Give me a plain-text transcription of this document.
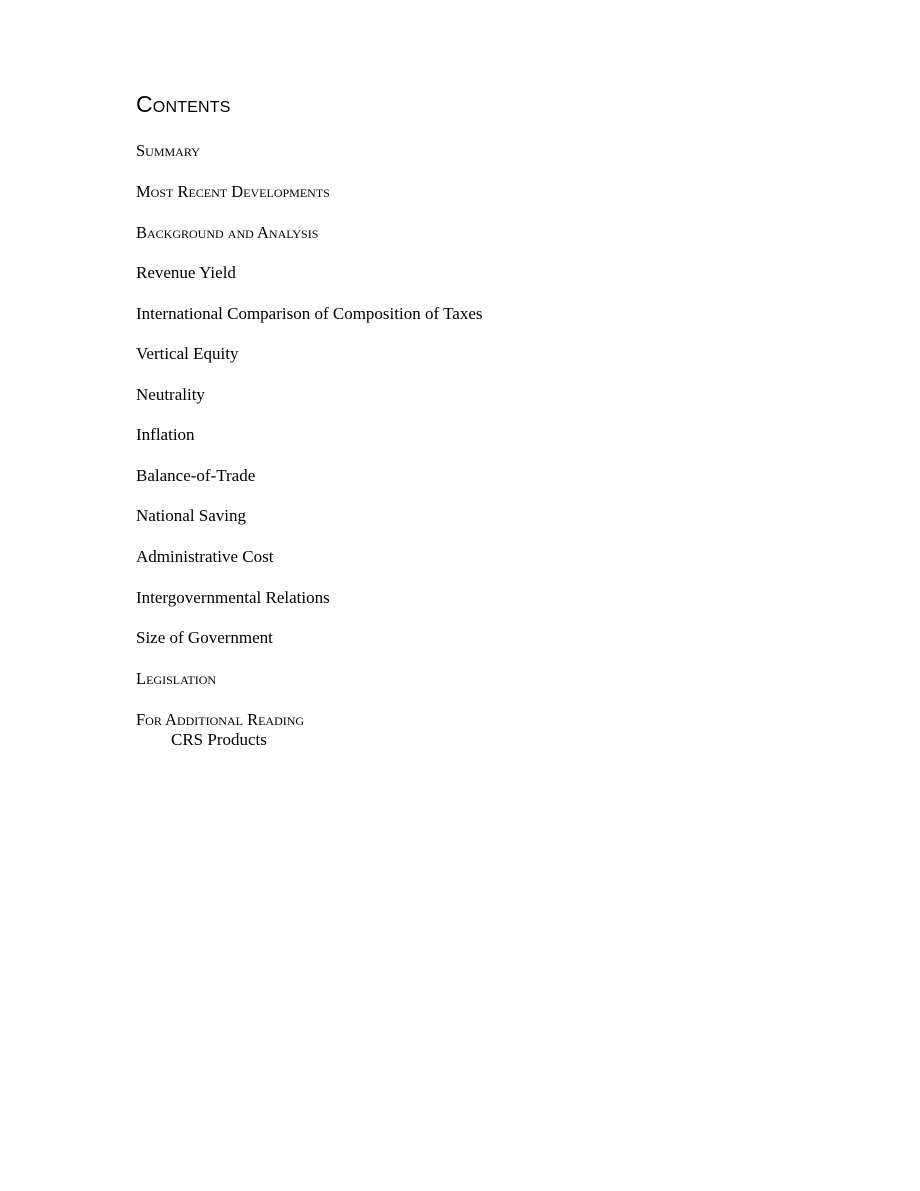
Contents
Summary
Most Recent Developments
Background and Analysis
Revenue Yield
International Comparison of Composition of Taxes
Vertical Equity
Neutrality
Inflation
Balance-of-Trade
National Saving
Administrative Cost
Intergovernmental Relations
Size of Government
Legislation
For Additional Reading
CRS Products
